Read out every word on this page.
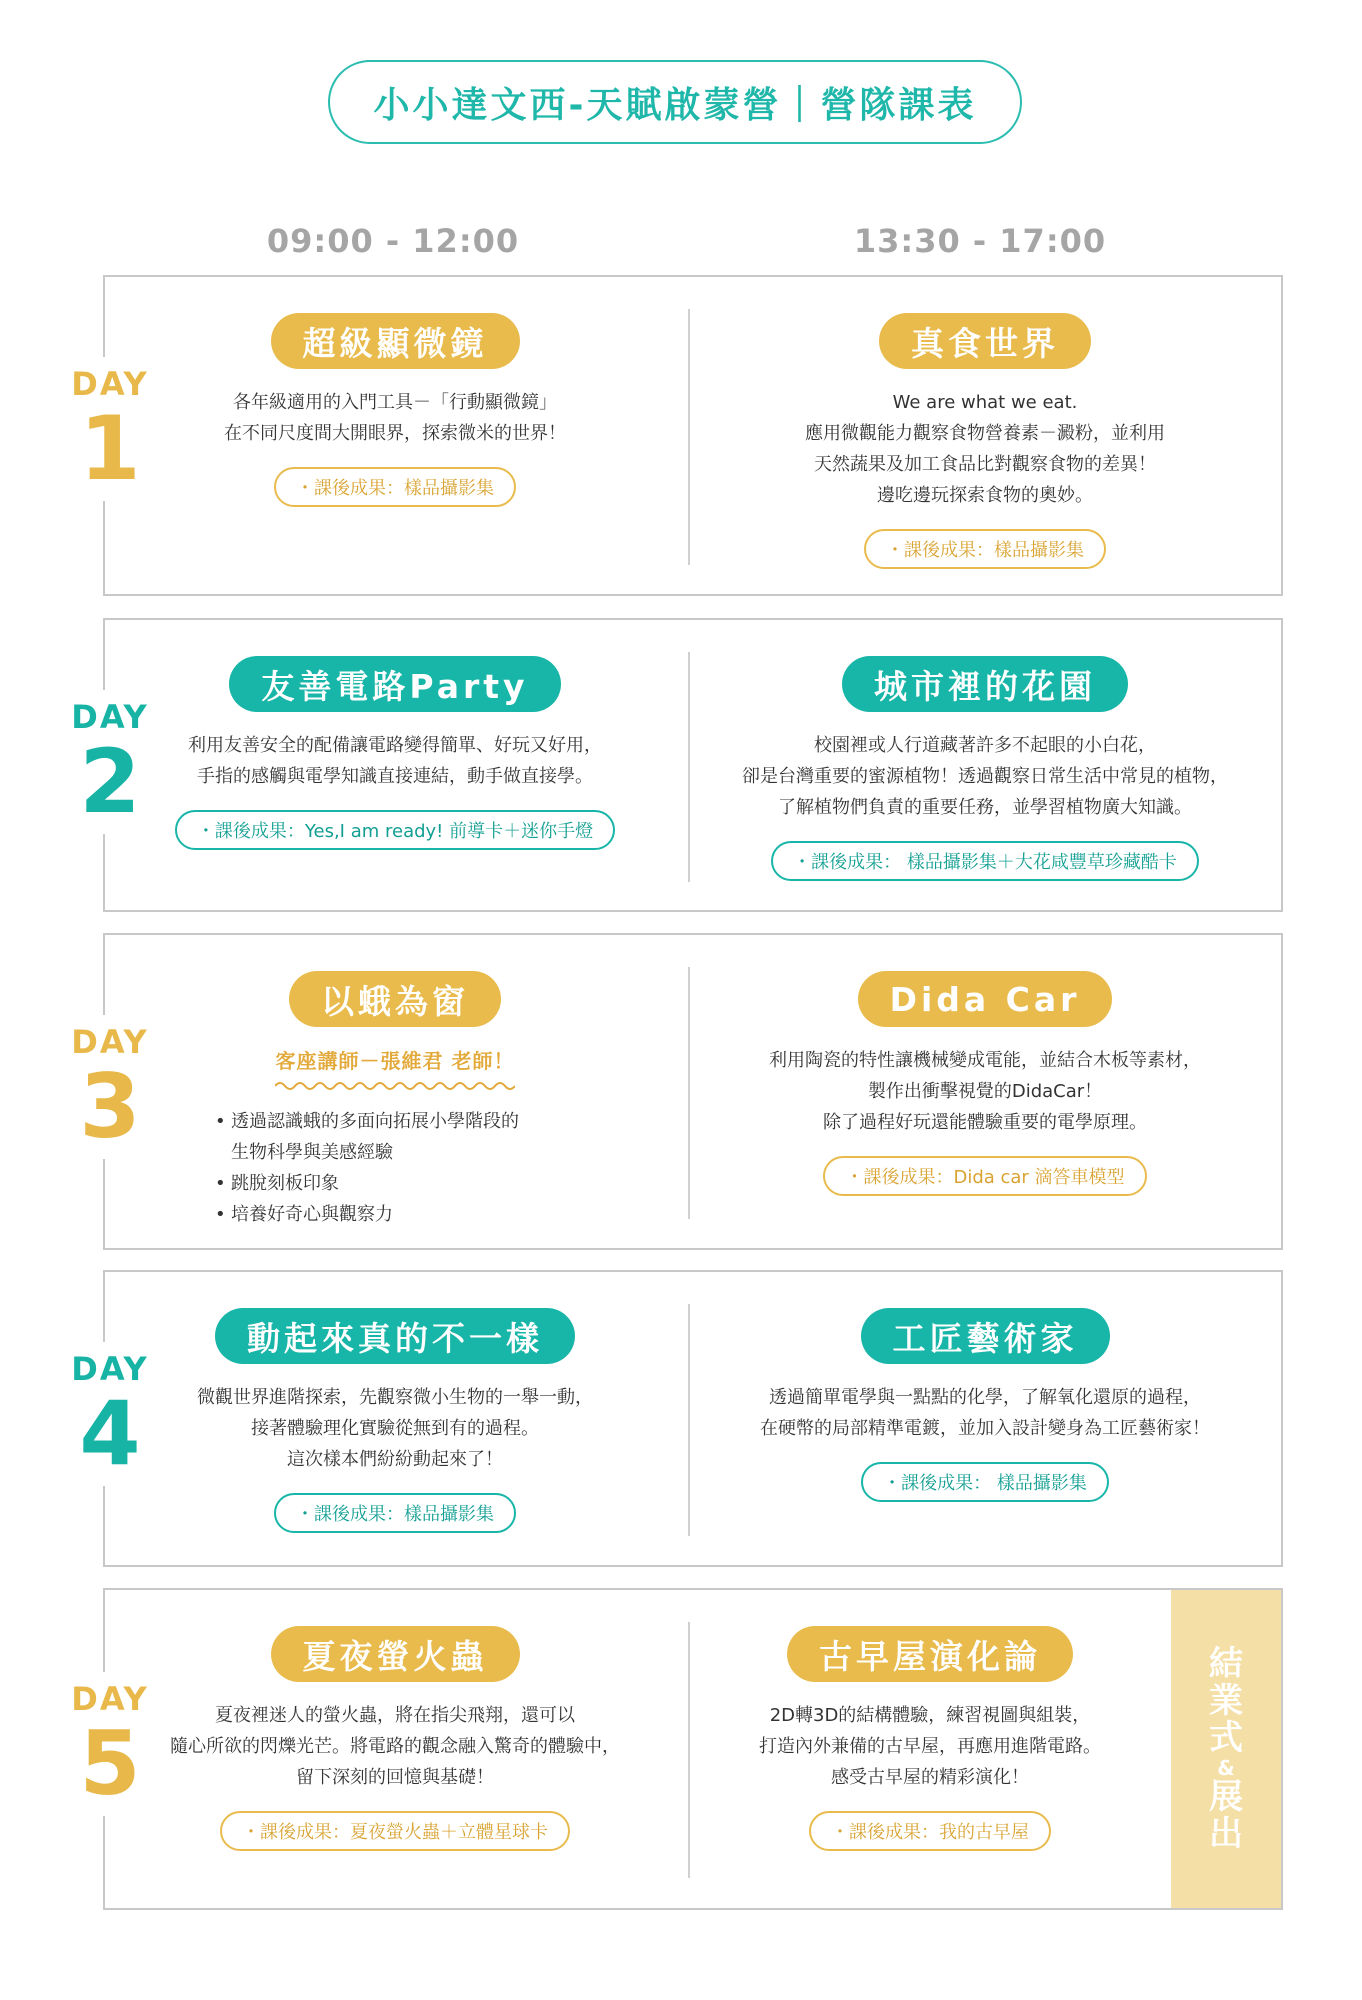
小小達文西-天賦啟蒙營｜營隊課表
09:00 - 12:00	13:30 - 17:00
DAY
1
超級顯微鏡
各年級適用的入門工具－「行動顯微鏡」
在不同尺度間大開眼界，探索微米的世界！
・課後成果：樣品攝影集
真食世界
We are what we eat.
應用微觀能力觀察食物營養素－澱粉，並利用
天然蔬果及加工食品比對觀察食物的差異！
邊吃邊玩探索食物的奧妙。
・課後成果：樣品攝影集
DAY
2
友善電路Party
利用友善安全的配備讓電路變得簡單、好玩又好用，
手指的感觸與電學知識直接連結，動手做直接學。
・課後成果：Yes,I am ready! 前導卡＋迷你手燈
城市裡的花園
校園裡或人行道藏著許多不起眼的小白花，
卻是台灣重要的蜜源植物！透過觀察日常生活中常見的植物，
了解植物們負責的重要任務，並學習植物廣大知識。
・課後成果： 樣品攝影集＋大花咸豐草珍藏酷卡
DAY
3
以蛾為窗
客座講師－張維君 老師！
• 透過認識蛾的多面向拓展小學階段的
生物科學與美感經驗
• 跳脫刻板印象
• 培養好奇心與觀察力
Dida Car
利用陶瓷的特性讓機械變成電能，並結合木板等素材，
製作出衝擊視覺的DidaCar！
除了過程好玩還能體驗重要的電學原理。
・課後成果：Dida car 滴答車模型
DAY
4
動起來真的不一樣
微觀世界進階探索，先觀察微小生物的一舉一動，
接著體驗理化實驗從無到有的過程。
這次樣本們紛紛動起來了！
・課後成果：樣品攝影集
工匠藝術家
透過簡單電學與一點點的化學，了解氧化還原的過程，
在硬幣的局部精準電鍍，並加入設計變身為工匠藝術家！
・課後成果： 樣品攝影集
DAY
5
夏夜螢火蟲
夏夜裡迷人的螢火蟲，將在指尖飛翔，還可以
隨心所欲的閃爍光芒。將電路的觀念融入驚奇的體驗中，
留下深刻的回憶與基礎！
・課後成果：夏夜螢火蟲＋立體星球卡
古早屋演化論
2D轉3D的結構體驗，練習視圖與組裝，
打造內外兼備的古早屋，再應用進階電路。
感受古早屋的精彩演化！
・課後成果：我的古早屋
結
業
式
&
展
出
